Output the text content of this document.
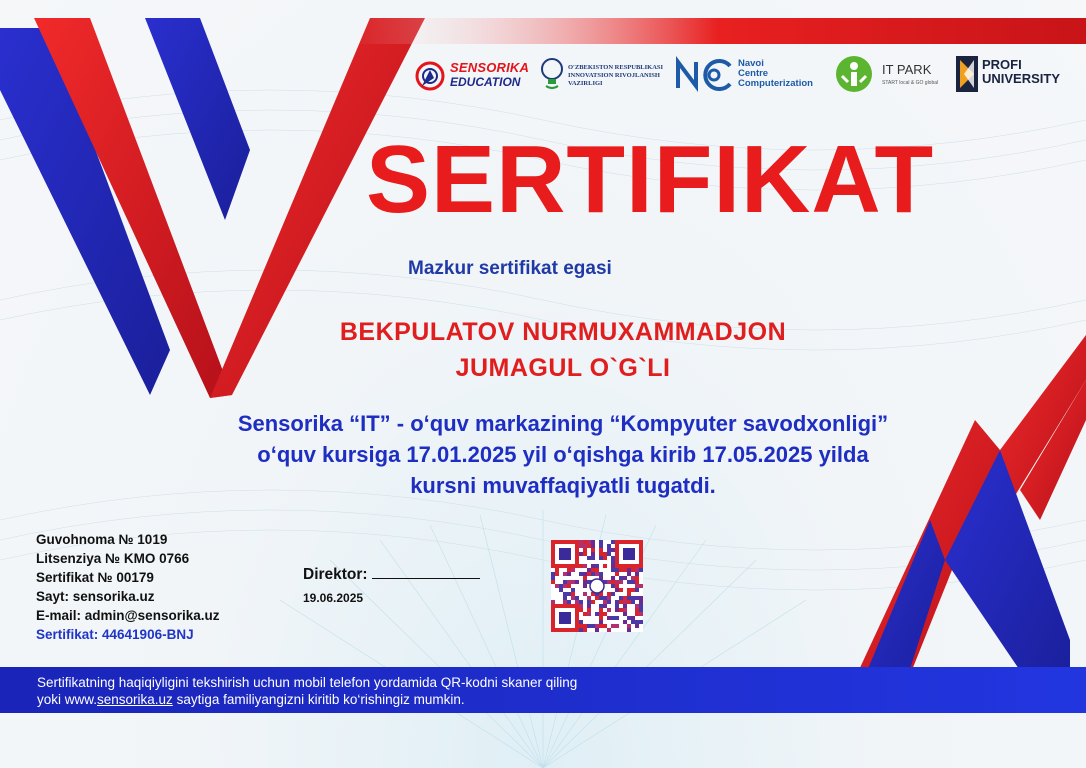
SENSORIKA
EDUCATION
O'ZBEKISTON RESPUBLIKASI
INNOVATSION RIVOJLANISH
VAZIRLIGI
Navoi
Centre
Computerization
IT PARK
START local & GO global
PROFI
UNIVERSITY
SERTIFIKAT
Mazkur sertifikat egasi
BEKPULATOV NURMUXAMMADJON
JUMAGUL O`G`LI
Sensorika “IT” - o‘quv markazining “Kompyuter savodxonligi”
o‘quv kursiga 17.01.2025 yil o‘qishga kirib 17.05.2025 yilda
kursni muvaffaqiyatli tugatdi.
Guvohnoma № 1019
Litsenziya № KMO 0766
Sertifikat № 00179
Sayt: sensorika.uz
E-mail: admin@sensorika.uz
Sertifikat: 44641906-BNJ
Direktor:
19.06.2025
Sertifikatning haqiqiyligini tekshirish uchun mobil telefon yordamida QR-kodni skaner qiling
yoki www.sensorika.uz saytiga familiyangizni kiritib ko‘rishingiz mumkin.
